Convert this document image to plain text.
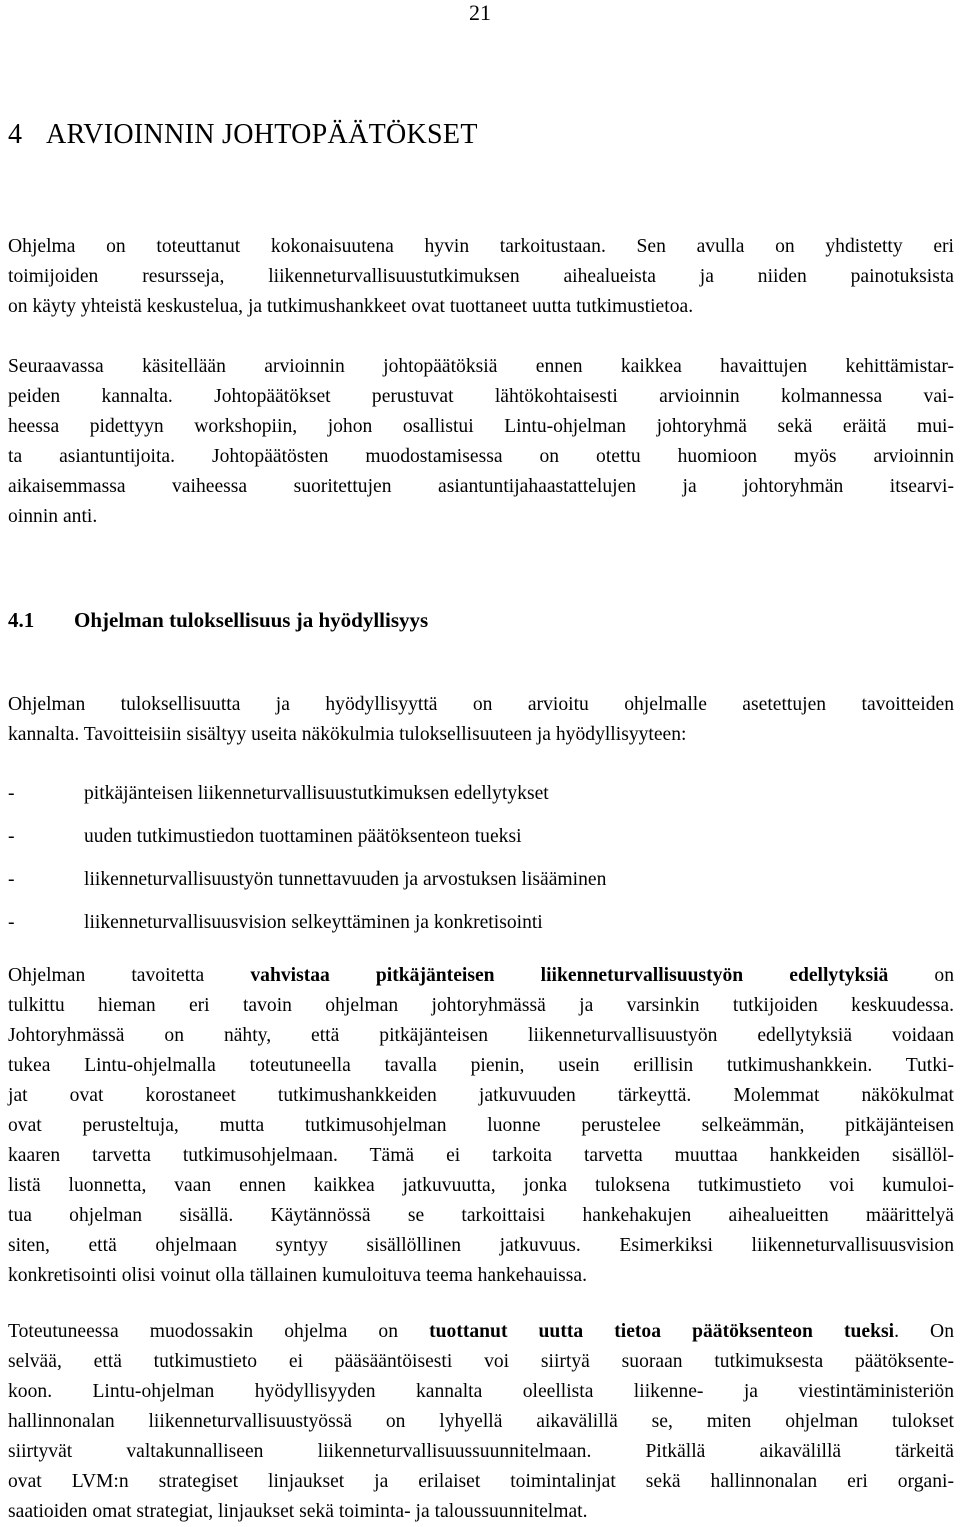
21
4 ARVIOINNIN JOHTOPÄÄTÖKSET
Ohjelma on toteuttanut kokonaisuutena hyvin tarkoitustaan. Sen avulla on yhdistetty eri
toimijoiden resursseja, liikenneturvallisuustutkimuksen aihealueista ja niiden painotuksista
on käyty yhteistä keskustelua, ja tutkimushankkeet ovat tuottaneet uutta tutkimustietoa.
Seuraavassa käsitellään arvioinnin johtopäätöksiä ennen kaikkea havaittujen kehittämistar-
peiden kannalta. Johtopäätökset perustuvat lähtökohtaisesti arvioinnin kolmannessa vai-
heessa pidettyyn workshopiin, johon osallistui Lintu-ohjelman johtoryhmä sekä eräitä mui-
ta asiantuntijoita. Johtopäätösten muodostamisessa on otettu huomioon myös arvioinnin
aikaisemmassa vaiheessa suoritettujen asiantuntijahaastattelujen ja johtoryhmän itsearvi-
oinnin anti.
4.1 Ohjelman tuloksellisuus ja hyödyllisyys
Ohjelman tuloksellisuutta ja hyödyllisyyttä on arvioitu ohjelmalle asetettujen tavoitteiden
kannalta. Tavoitteisiin sisältyy useita näkökulmia tuloksellisuuteen ja hyödyllisyyteen:
-	pitkäjänteisen liikenneturvallisuustutkimuksen edellytykset
-	uuden tutkimustiedon tuottaminen päätöksenteon tueksi
-	liikenneturvallisuustyön tunnettavuuden ja arvostuksen lisääminen
-	liikenneturvallisuusvision selkeyttäminen ja konkretisointi
Ohjelman tavoitetta vahvistaa pitkäjänteisen liikenneturvallisuustyön edellytyksiä on
tulkittu hieman eri tavoin ohjelman johtoryhmässä ja varsinkin tutkijoiden keskuudessa.
Johtoryhmässä on nähty, että pitkäjänteisen liikenneturvallisuustyön edellytyksiä voidaan
tukea Lintu-ohjelmalla toteutuneella tavalla pienin, usein erillisin tutkimushankkein. Tutki-
jat ovat korostaneet tutkimushankkeiden jatkuvuuden tärkeyttä. Molemmat näkökulmat
ovat perusteltuja, mutta tutkimusohjelman luonne perustelee selkeämmän, pitkäjänteisen
kaaren tarvetta tutkimusohjelmaan. Tämä ei tarkoita tarvetta muuttaa hankkeiden sisällöl-
listä luonnetta, vaan ennen kaikkea jatkuvuutta, jonka tuloksena tutkimustieto voi kumuloi-
tua ohjelman sisällä. Käytännössä se tarkoittaisi hankehakujen aihealueitten määrittelyä
siten, että ohjelmaan syntyy sisällöllinen jatkuvuus. Esimerkiksi liikenneturvallisuusvision
konkretisointi olisi voinut olla tällainen kumuloituva teema hankehauissa.
Toteutuneessa muodossakin ohjelma on tuottanut uutta tietoa päätöksenteon tueksi. On
selvää, että tutkimustieto ei pääsääntöisesti voi siirtyä suoraan tutkimuksesta päätöksente-
koon. Lintu-ohjelman hyödyllisyyden kannalta oleellista liikenne- ja viestintäministeriön
hallinnonalan liikenneturvallisuustyössä on lyhyellä aikavälillä se, miten ohjelman tulokset
siirtyvät valtakunnalliseen liikenneturvallisuussuunnitelmaan. Pitkällä aikavälillä tärkeitä
ovat LVM:n strategiset linjaukset ja erilaiset toimintalinjat sekä hallinnonalan eri organi-
saatioiden omat strategiat, linjaukset sekä toiminta- ja taloussuunnitelmat.
